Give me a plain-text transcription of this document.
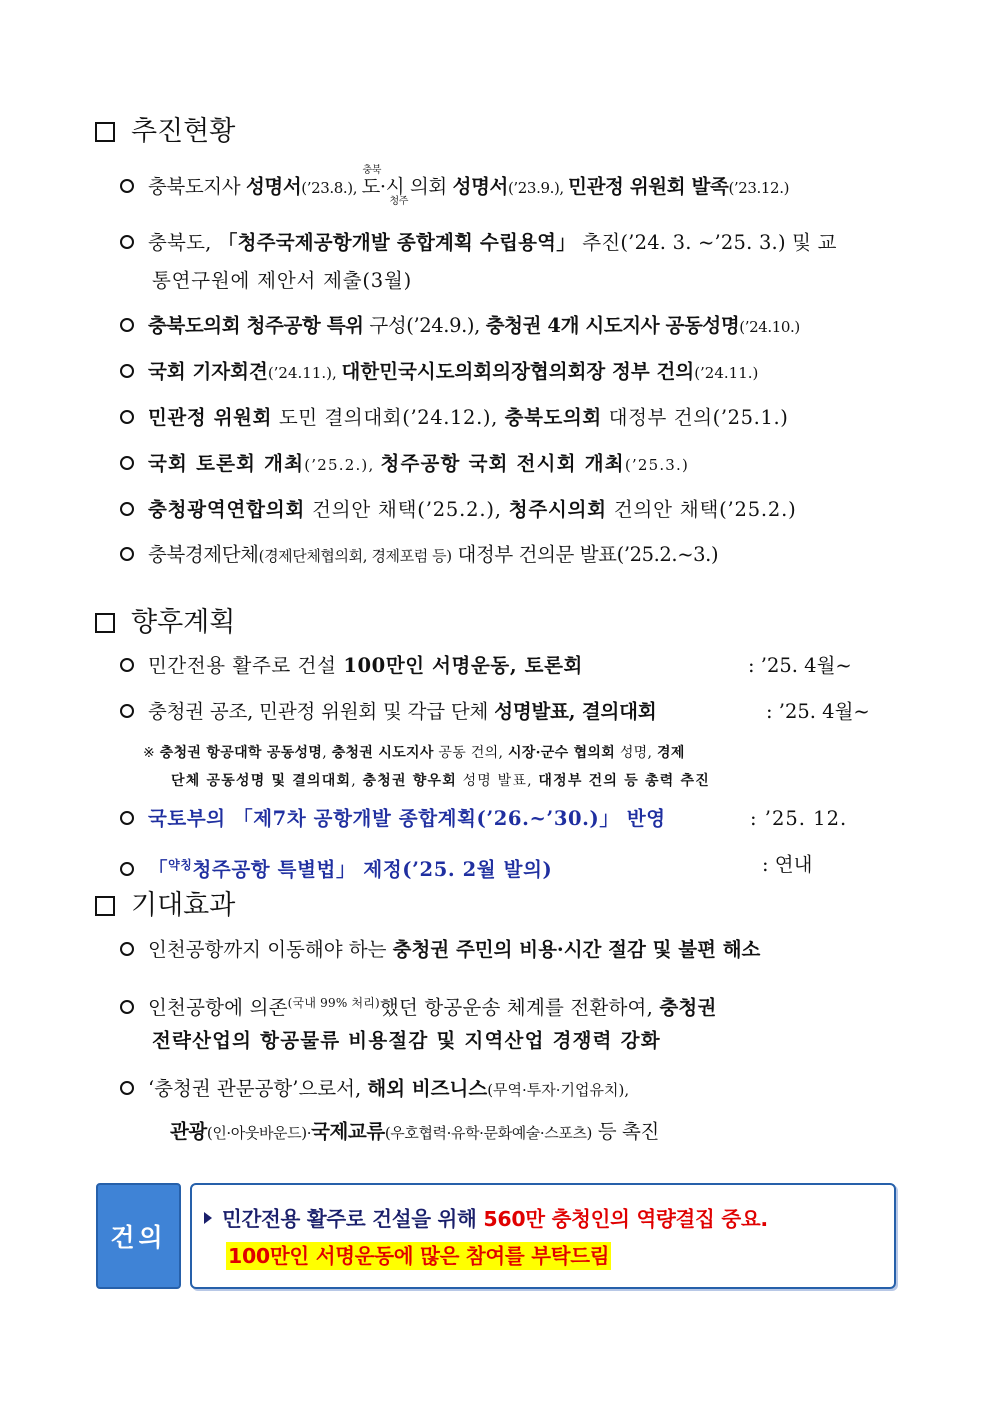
추진현황
충북도지사 성명서(’23.8.), 도·시
충북
청주
의회 성명서(’23.9.), 민관정 위원회 발족(’23.12.)
충북도, 「청주국제공항개발 종합계획 수립용역」 추진(’24. 3. ~’25. 3.) 및 교
통연구원에 제안서 제출(3월)
충북도의회 청주공항 특위 구성(’24.9.), 충청권 4개 시도지사 공동성명(’24.10.)
국회 기자회견(’24.11.), 대한민국시도의회의장협의회장 정부 건의(’24.11.)
민관정 위원회 도민 결의대회(’24.12.), 충북도의회 대정부 건의(’25.1.)
국회 토론회 개최(’25.2.), 청주공항 국회 전시회 개최(’25.3.)
충청광역연합의회 건의안 채택(’25.2.), 청주시의회 건의안 채택(’25.2.)
충북경제단체(경제단체협의회, 경제포럼 등) 대정부 건의문 발표(’25.2.~3.)
향후계획
민간전용 활주로 건설 100만인 서명운동, 토론회	: ’25. 4월~
충청권 공조, 민관정 위원회 및 각급 단체 성명발표, 결의대회	: ’25. 4월~
※ 충청권 항공대학 공동성명, 충청권 시도지사 공동 건의, 시장·군수 협의회 성명, 경제
단체 공동성명 및 결의대회, 충청권 향우회 성명 발표, 대정부 건의 등 총력 추진
국토부의 「제7차 공항개발 종합계획(’26.~’30.)」 반영	: ’25. 12.
「$^{약칭}$청주공항 특별법」 제정(’25. 2월 발의)	: 연내
기대효과
인천공항까지 이동해야 하는 충청권 주민의 비용·시간 절감 및 불편 해소
인천공항에 의존$^{(국내 99\% 처리)}$했던 항공운송 체계를 전환하여, 충청권
전략산업의 항공물류 비용절감 및 지역산업 경쟁력 강화
‘충청권 관문공항’으로서, 해외 비즈니스(무역·투자·기업유치),
관광(인·아웃바운드)·국제교류(우호협력·유학·문화예술·스포츠) 등 촉진
건의
민간전용 활주로 건설을 위해 560만 충청인의 역량결집 중요.
100만인 서명운동에 많은 참여를 부탁드림
